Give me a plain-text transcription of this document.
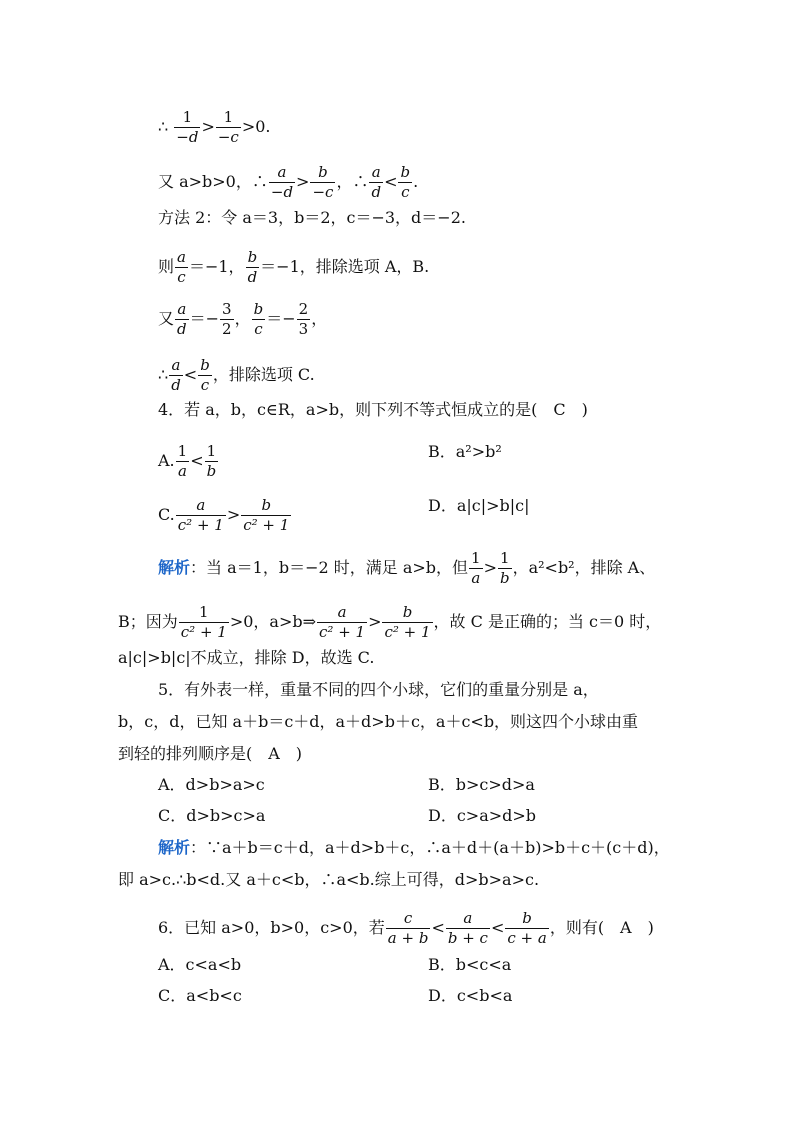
∴ $\frac{1}{-d} > \frac{1}{-c} >0$.
又 a>b>0，∴ $\frac{a}{-d} > \frac{b}{-c}$ ，∴ $\frac{a}{d} < \frac{b}{c}$ .
方法 2：令 a＝3，b＝2，c＝−3，d＝−2.
则 $\frac{a}{c} =-1$， $\frac{b}{d} =-1$，排除选项 A，B.
又 $\frac{a}{d} =- \frac{3}{2}$ ， $\frac{b}{c} =- \frac{2}{3}$ ，
∴ $\frac{a}{d} < \frac{b}{c}$ ，排除选项 C.
4．若 a，b，c∈R，a>b，则下列不等式恒成立的是(　C　)
A. $\frac{1}{a} < \frac{1}{b}$	B．a²>b²
C. $\frac{a}{\text{c² + 1}} > \frac{b}{\text{c² + 1}}$	D．a|c|>b|c|
解析：当 a＝1，b＝−2 时，满足 a>b，但 $\frac{1}{a} > \frac{1}{b}$ ，a²<b²，排除 A、
B；因为 $\frac{1}{\text{c² + 1}} >0$，a>b⇒ $\frac{a}{\text{c² + 1}} > \frac{b}{\text{c² + 1}}$ ，故 C 是正确的；当 c＝0 时，
a|c|>b|c|不成立，排除 D，故选 C.
5．有外表一样，重量不同的四个小球，它们的重量分别是 a，
b，c，d，已知 a＋b＝c＋d，a＋d>b＋c，a＋c<b，则这四个小球由重
到轻的排列顺序是(　A　)
A．d>b>a>c	B．b>c>d>a
C．d>b>c>a	D．c>a>d>b
解析：∵a＋b＝c＋d，a＋d>b＋c，∴a＋d＋(a＋b)>b＋c＋(c＋d)，
即 a>c.∴b<d.又 a＋c<b，∴a<b.综上可得，d>b>a>c.
6．已知 a>0，b>0，c>0，若 $\frac{c}{a + b} < \frac{a}{b + c} < \frac{b}{c + a}$ ，则有(　A　)
A．c<a<b	B．b<c<a
C．a<b<c	D．c<b<a
